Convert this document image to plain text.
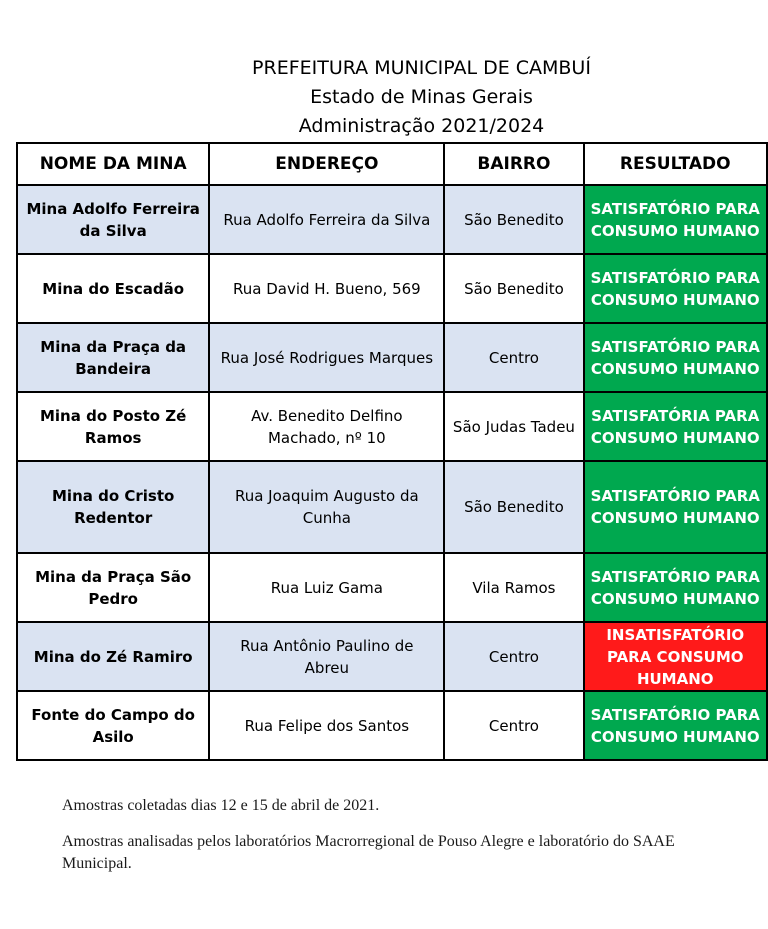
PREFEITURA MUNICIPAL DE CAMBUÍ
Estado de Minas Gerais
Administração 2021/2024
NOME DA MINA	ENDEREÇO	BAIRRO	RESULTADO
Mina Adolfo Ferreira da Silva	Rua Adolfo Ferreira da Silva	São Benedito	SATISFATÓRIO PARA CONSUMO HUMANO
Mina do Escadão	Rua David H. Bueno, 569	São Benedito	SATISFATÓRIO PARA CONSUMO HUMANO
Mina da Praça da Bandeira	Rua José Rodrigues Marques	Centro	SATISFATÓRIO PARA CONSUMO HUMANO
Mina do Posto Zé Ramos	Av. Benedito Delfino Machado, nº 10	São Judas Tadeu	SATISFATÓRIA PARA CONSUMO HUMANO
Mina do Cristo Redentor	Rua Joaquim Augusto da Cunha	São Benedito	SATISFATÓRIO PARA CONSUMO HUMANO
Mina da Praça São Pedro	Rua Luiz Gama	Vila Ramos	SATISFATÓRIO PARA CONSUMO HUMANO
Mina do Zé Ramiro	Rua Antônio Paulino de Abreu	Centro	INSATISFATÓRIO PARA CONSUMO HUMANO
Fonte do Campo do Asilo	Rua Felipe dos Santos	Centro	SATISFATÓRIO PARA CONSUMO HUMANO
Amostras coletadas dias 12 e 15 de abril de 2021.
Amostras analisadas pelos laboratórios Macrorregional de Pouso Alegre e laboratório do SAAE
Municipal.
